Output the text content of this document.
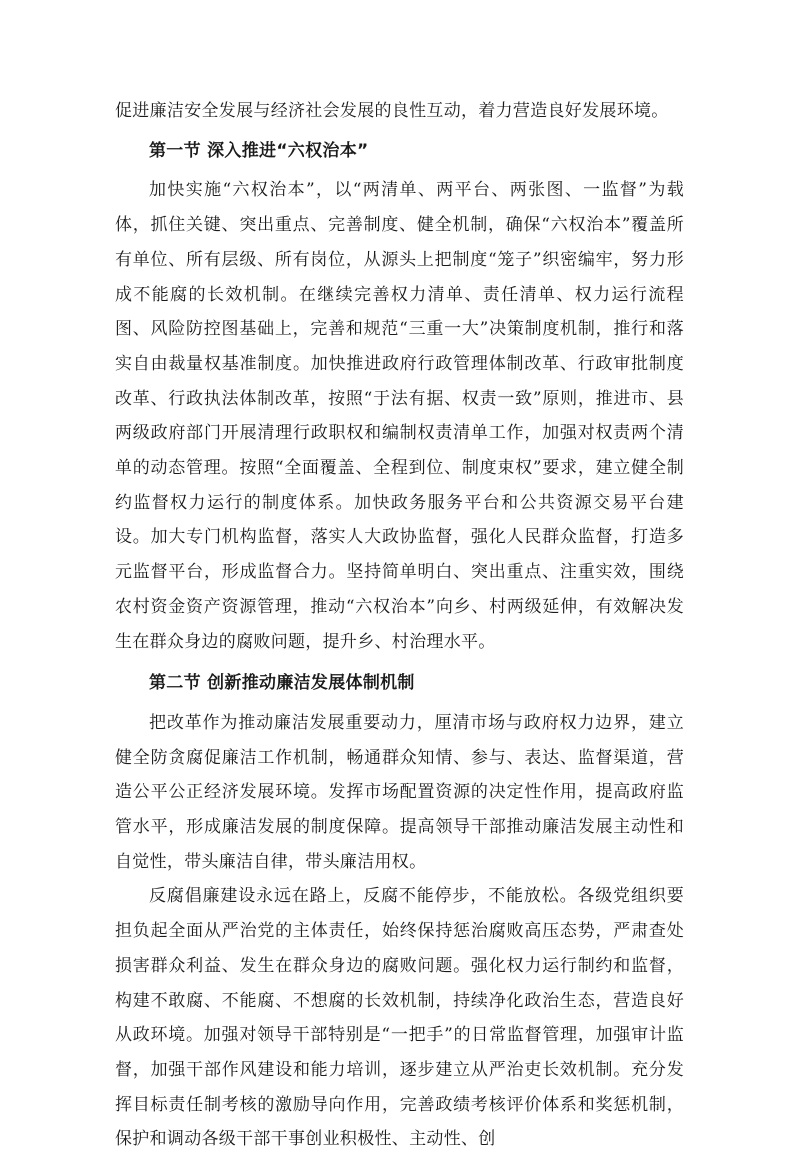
促进廉洁安全发展与经济社会发展的良性互动，着力营造良好发展环境。

第一节 深入推进“六权治本”

加快实施“六权治本”，以“两清单、两平台、两张图、一监督”为载体，抓住关键、突出重点、完善制度、健全机制，确保“六权治本”覆盖所有单位、所有层级、所有岗位，从源头上把制度“笼子”织密编牢，努力形成不能腐的长效机制。在继续完善权力清单、责任清单、权力运行流程图、风险防控图基础上，完善和规范“三重一大”决策制度机制，推行和落实自由裁量权基准制度。加快推进政府行政管理体制改革、行政审批制度改革、行政执法体制改革，按照“于法有据、权责一致”原则，推进市、县两级政府部门开展清理行政职权和编制权责清单工作，加强对权责两个清单的动态管理。按照“全面覆盖、全程到位、制度束权”要求，建立健全制约监督权力运行的制度体系。加快政务服务平台和公共资源交易平台建设。加大专门机构监督，落实人大政协监督，强化人民群众监督，打造多元监督平台，形成监督合力。坚持简单明白、突出重点、注重实效，围绕农村资金资产资源管理，推动“六权治本”向乡、村两级延伸，有效解决发生在群众身边的腐败问题，提升乡、村治理水平。

第二节 创新推动廉洁发展体制机制

把改革作为推动廉洁发展重要动力，厘清市场与政府权力边界，建立健全防贪腐促廉洁工作机制，畅通群众知情、参与、表达、监督渠道，营造公平公正经济发展环境。发挥市场配置资源的决定性作用，提高政府监管水平，形成廉洁发展的制度保障。提高领导干部推动廉洁发展主动性和自觉性，带头廉洁自律，带头廉洁用权。

反腐倡廉建设永远在路上，反腐不能停步，不能放松。各级党组织要担负起全面从严治党的主体责任，始终保持惩治腐败高压态势，严肃查处损害群众利益、发生在群众身边的腐败问题。强化权力运行制约和监督，构建不敢腐、不能腐、不想腐的长效机制，持续净化政治生态，营造良好从政环境。加强对领导干部特别是“一把手”的日常监督管理，加强审计监督，加强干部作风建设和能力培训，逐步建立从严治吏长效机制。充分发挥目标责任制考核的激励导向作用，完善政绩考核评价体系和奖惩机制，保护和调动各级干部干事创业积极性、主动性、创
